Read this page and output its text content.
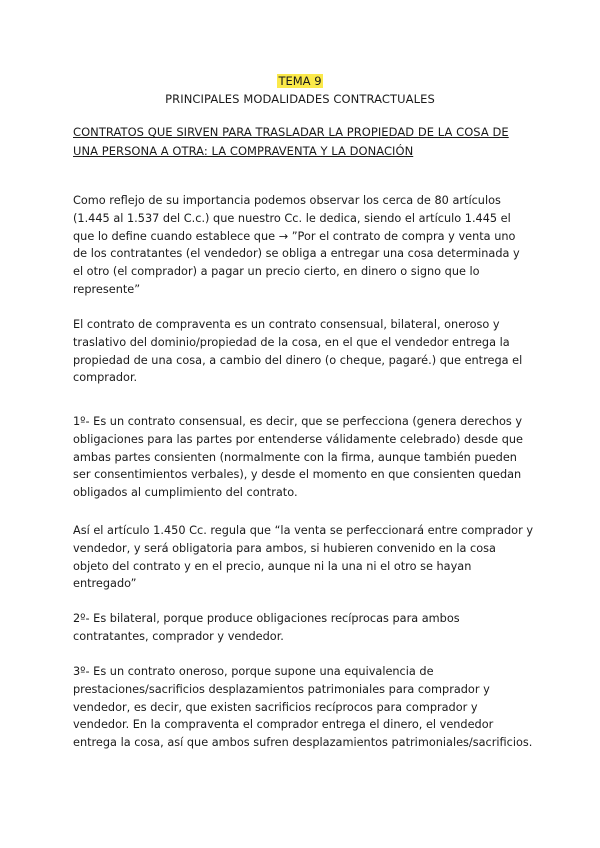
TEMA 9
PRINCIPALES MODALIDADES CONTRACTUALES
CONTRATOS QUE SIRVEN PARA TRASLADAR LA PROPIEDAD DE LA COSA DE UNA PERSONA A OTRA: LA COMPRAVENTA Y LA DONACIÓN

Como reflejo de su importancia podemos observar los cerca de 80 artículos (1.445 al 1.537 del C.c.) que nuestro Cc. le dedica, siendo el artículo 1.445 el que lo define cuando establece que → ”Por el contrato de compra y venta uno de los contratantes (el vendedor) se obliga a entregar una cosa determinada y el otro (el comprador) a pagar un precio cierto, en dinero o signo que lo represente”

El contrato de compraventa es un contrato consensual, bilateral, oneroso y traslativo del dominio/propiedad de la cosa, en el que el vendedor entrega la propiedad de una cosa, a cambio del dinero (o cheque, pagaré.) que entrega el comprador.

1º- Es un contrato consensual, es decir, que se perfecciona (genera derechos y obligaciones para las partes por entenderse válidamente celebrado) desde que ambas partes consienten (normalmente con la firma, aunque también pueden ser consentimientos verbales), y desde el momento en que consienten quedan obligados al cumplimiento del contrato.

Así el artículo 1.450 Cc. regula que “la venta se perfeccionará entre comprador y vendedor, y será obligatoria para ambos, si hubieren convenido en la cosa objeto del contrato y en el precio, aunque ni la una ni el otro se hayan entregado”

2º- Es bilateral, porque produce obligaciones recíprocas para ambos contratantes, comprador y vendedor.

3º- Es un contrato oneroso, porque supone una equivalencia de prestaciones/sacrificios desplazamientos patrimoniales para comprador y vendedor, es decir, que existen sacrificios recíprocos para comprador y vendedor. En la compraventa el comprador entrega el dinero, el vendedor entrega la cosa, así que ambos sufren desplazamientos patrimoniales/sacrificios.
